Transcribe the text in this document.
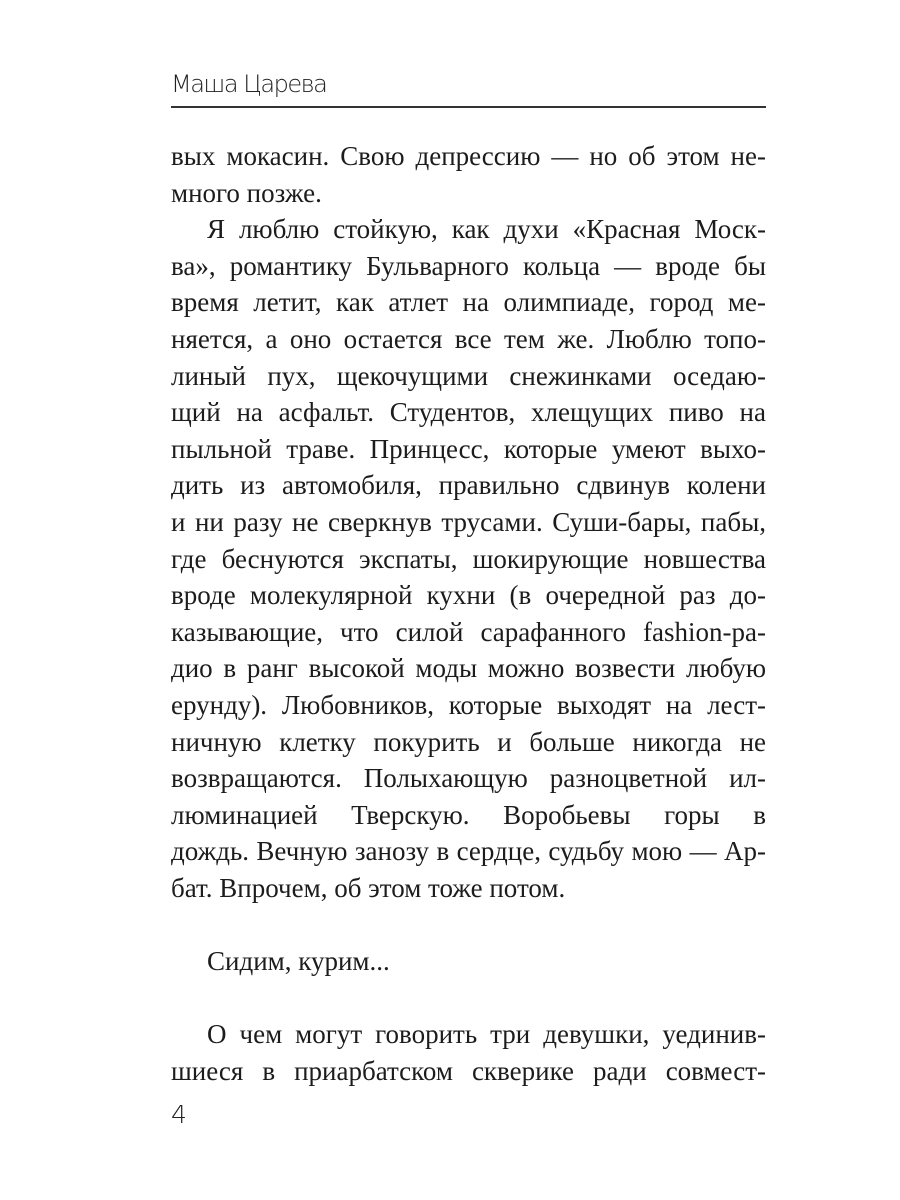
Маша Царева
вых мокасин. Свою депрессию — но об этом не-
много позже.
Я люблю стойкую, как духи «Красная Моск-
ва», романтику Бульварного кольца — вроде бы
время летит, как атлет на олимпиаде, город ме-
няется, а оно остается все тем же. Люблю топо-
линый пух, щекочущими снежинками оседаю-
щий на асфальт. Студентов, хлещущих пиво на
пыльной траве. Принцесс, которые умеют выхо-
дить из автомобиля, правильно сдвинув колени
и ни разу не сверкнув трусами. Суши-бары, пабы,
где беснуются экспаты, шокирующие новшества
вроде молекулярной кухни (в очередной раз до-
казывающие, что силой сарафанного fashion-ра-
дио в ранг высокой моды можно возвести любую
ерунду). Любовников, которые выходят на лест-
ничную клетку покурить и больше никогда не
возвращаются. Полыхающую разноцветной ил-
люминацией Тверскую. Воробьевы горы в
дождь. Вечную занозу в сердце, судьбу мою — Ар-
бат. Впрочем, об этом тоже потом.
Сидим, курим...
О чем могут говорить три девушки, уединив-
шиеся в приарбатском скверике ради совмест-
4
